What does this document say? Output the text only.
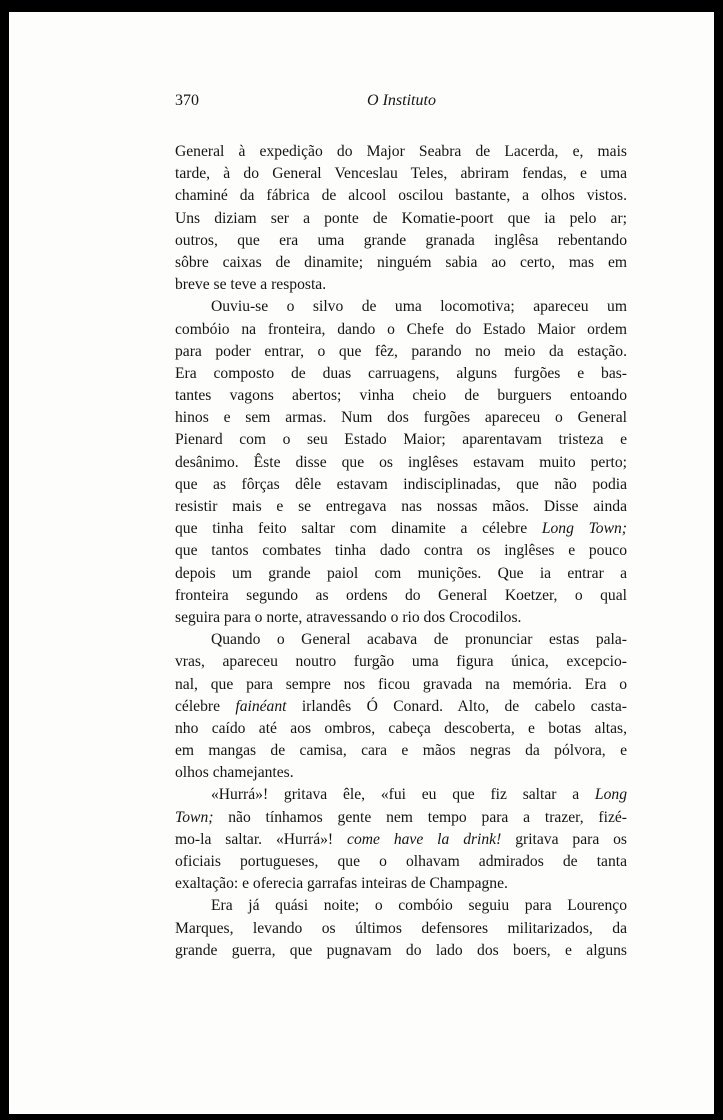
370	O Instituto

General à expedição do Major Seabra de Lacerda, e, mais

tarde, à do General Venceslau Teles, abriram fendas, e uma

chaminé da fábrica de alcool oscilou bastante, a olhos vistos.

Uns diziam ser a ponte de Komatie-poort que ia pelo ar;

outros, que era uma grande granada inglêsa rebentando

sôbre caixas de dinamite; ninguém sabia ao certo, mas em

breve se teve a resposta.

Ouviu-se o silvo de uma locomotiva; apareceu um

combóio na fronteira, dando o Chefe do Estado Maior ordem

para poder entrar, o que fêz, parando no meio da estação.

Era composto de duas carruagens, alguns furgões e bas-

tantes vagons abertos; vinha cheio de burguers entoando

hinos e sem armas. Num dos furgões apareceu o General

Pienard com o seu Estado Maior; aparentavam tristeza e

desânimo. Êste disse que os inglêses estavam muito perto;

que as fôrças dêle estavam indisciplinadas, que não podia

resistir mais e se entregava nas nossas mãos. Disse ainda

que tinha feito saltar com dinamite a célebre Long Town;

que tantos combates tinha dado contra os inglêses e pouco

depois um grande paiol com munições. Que ia entrar a

fronteira segundo as ordens do General Koetzer, o qual

seguira para o norte, atravessando o rio dos Crocodilos.

Quando o General acabava de pronunciar estas pala-

vras, apareceu noutro furgão uma figura única, excepcio-

nal, que para sempre nos ficou gravada na memória. Era o

célebre fainéant irlandês Ó Conard. Alto, de cabelo casta-

nho caído até aos ombros, cabeça descoberta, e botas altas,

em mangas de camisa, cara e mãos negras da pólvora, e

olhos chamejantes.

«Hurrá»! gritava êle, «fui eu que fiz saltar a Long

Town; não tínhamos gente nem tempo para a trazer, fizé-

mo-la saltar. «Hurrá»! come have la drink! gritava para os

oficiais portugueses, que o olhavam admirados de tanta

exaltação: e oferecia garrafas inteiras de Champagne.

Era já quási noite; o combóio seguiu para Lourenço

Marques, levando os últimos defensores militarizados, da

grande guerra, que pugnavam do lado dos boers, e alguns
